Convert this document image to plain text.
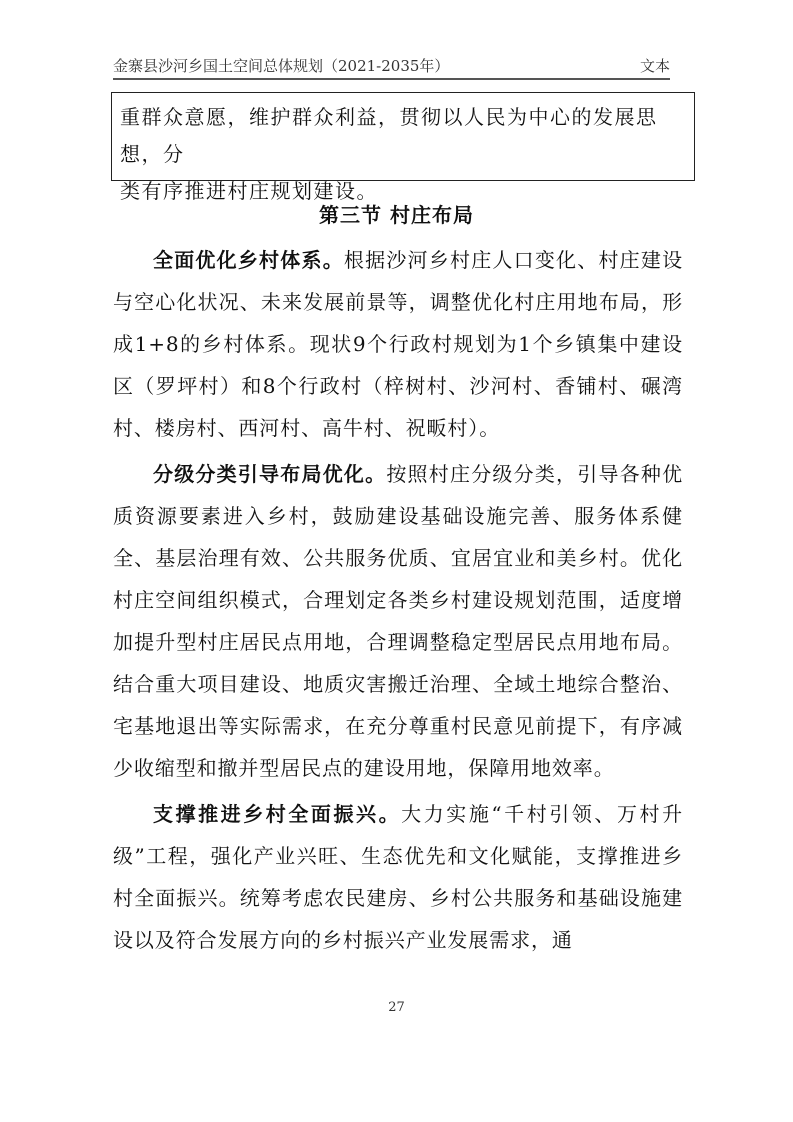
金寨县沙河乡国土空间总体规划（2021-2035年）	文本

重群众意愿，维护群众利益，贯彻以人民为中心的发展思想，分

类有序推进村庄规划建设。

第三节 村庄布局

全面优化乡村体系。根据沙河乡村庄人口变化、村庄建设与空心化状况、未来发展前景等，调整优化村庄用地布局，形成1+8的乡村体系。现状9个行政村规划为1个乡镇集中建设区（罗坪村）和8个行政村（梓树村、沙河村、香铺村、碾湾村、楼房村、西河村、高牛村、祝畈村）。

分级分类引导布局优化。按照村庄分级分类，引导各种优质资源要素进入乡村，鼓励建设基础设施完善、服务体系健全、基层治理有效、公共服务优质、宜居宜业和美乡村。优化村庄空间组织模式，合理划定各类乡村建设规划范围，适度增加提升型村庄居民点用地，合理调整稳定型居民点用地布局。结合重大项目建设、地质灾害搬迁治理、全域土地综合整治、宅基地退出等实际需求，在充分尊重村民意见前提下，有序减少收缩型和撤并型居民点的建设用地，保障用地效率。

支撑推进乡村全面振兴。大力实施“千村引领、万村升级”工程，强化产业兴旺、生态优先和文化赋能，支撑推进乡村全面振兴。统筹考虑农民建房、乡村公共服务和基础设施建设以及符合发展方向的乡村振兴产业发展需求，通

27
